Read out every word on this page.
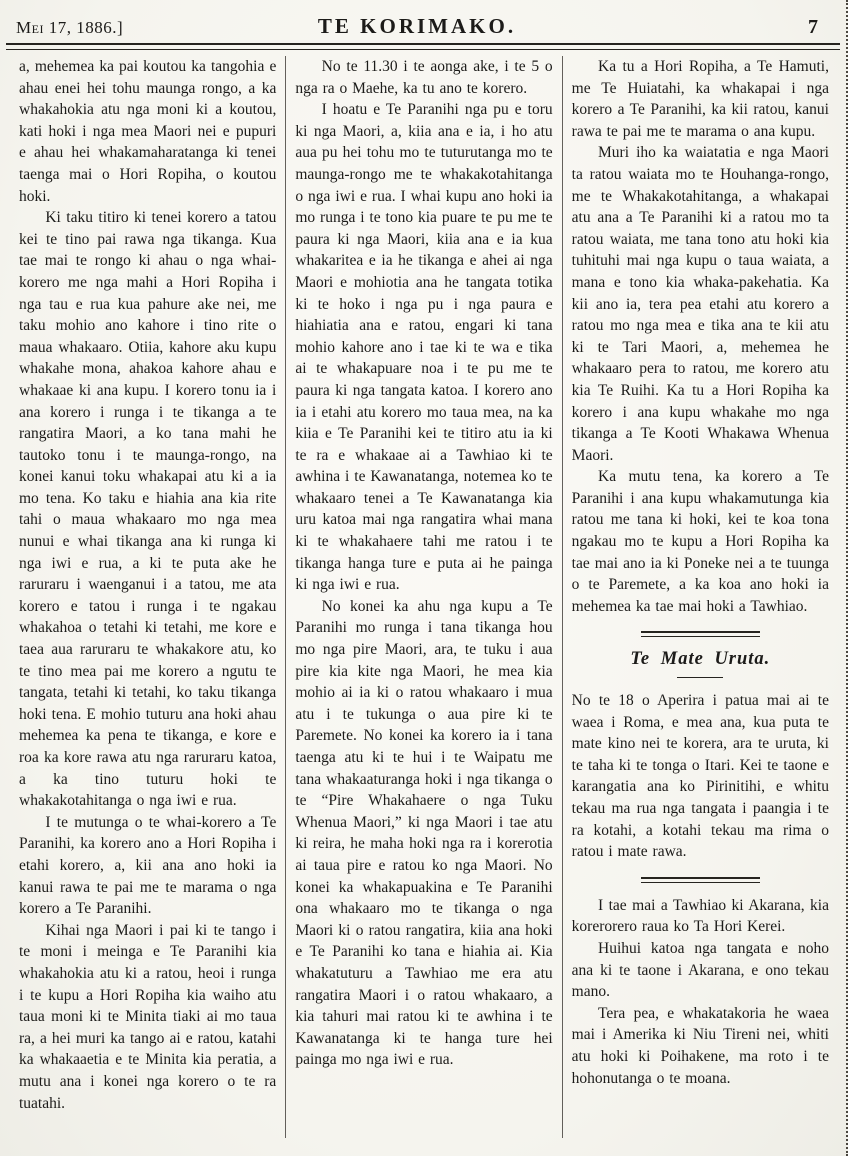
Mei 17, 1886.]	TE KORIMAKO.	7

a, mehemea ka pai koutou ka tangohia e ahau enei hei tohu maunga rongo, a ka whakahokia atu nga moni ki a koutou, kati hoki i nga mea Maori nei e pupuri e ahau hei whakamaharatanga ki tenei taenga mai o Hori Ropiha, o koutou hoki.

Ki taku titiro ki tenei korero a tatou kei te tino pai rawa nga tikanga. Kua tae mai te rongo ki ahau o nga whai-korero me nga mahi a Hori Ropiha i nga tau e rua kua pahure ake nei, me taku mohio ano kahore i tino rite o maua whakaaro. Otiia, kahore aku kupu whakahe mona, ahakoa kahore ahau e whakaae ki ana kupu. I korero tonu ia i ana korero i runga i te tikanga a te rangatira Maori, a ko tana mahi he tautoko tonu i te maunga-rongo, na konei kanui toku whakapai atu ki a ia mo tena. Ko taku e hiahia ana kia rite tahi o maua whakaaro mo nga mea nunui e whai tikanga ana ki runga ki nga iwi e rua, a ki te puta ake he raruraru i waenganui i a tatou, me ata korero e tatou i runga i te ngakau whakahoa o tetahi ki tetahi, me kore e taea aua raruraru te whakakore atu, ko te tino mea pai me korero a ngutu te tangata, tetahi ki tetahi, ko taku tikanga hoki tena. E mohio tuturu ana hoki ahau mehemea ka pena te tikanga, e kore e roa ka kore rawa atu nga raruraru katoa, a ka tino tuturu hoki te whakakotahitanga o nga iwi e rua.

I te mutunga o te whai-korero a Te Paranihi, ka korero ano a Hori Ropiha i etahi korero, a, kii ana ano hoki ia kanui rawa te pai me te marama o nga korero a Te Paranihi.

Kihai nga Maori i pai ki te tango i te moni i meinga e Te Paranihi kia whakahokia atu ki a ratou, heoi i runga i te kupu a Hori Ropiha kia waiho atu taua moni ki te Minita tiaki ai mo taua ra, a hei muri ka tango ai e ratou, katahi ka whakaaetia e te Minita kia peratia, a mutu ana i konei nga korero o te ra tuatahi.

No te 11.30 i te aonga ake, i te 5 o nga ra o Maehe, ka tu ano te korero.

I hoatu e Te Paranihi nga pu e toru ki nga Maori, a, kiia ana e ia, i ho atu aua pu hei tohu mo te tuturutanga mo te maunga-rongo me te whakakotahitanga o nga iwi e rua. I whai kupu ano hoki ia mo runga i te tono kia puare te pu me te paura ki nga Maori, kiia ana e ia kua whakaritea e ia he tikanga e ahei ai nga Maori e mohiotia ana he tangata totika ki te hoko i nga pu i nga paura e hiahiatia ana e ratou, engari ki tana mohio kahore ano i tae ki te wa e tika ai te whakapuare noa i te pu me te paura ki nga tangata katoa. I korero ano ia i etahi atu korero mo taua mea, na ka kiia e Te Paranihi kei te titiro atu ia ki te ra e whakaae ai a Tawhiao ki te awhina i te Kawanatanga, notemea ko te whakaaro tenei a Te Kawanatanga kia uru katoa mai nga rangatira whai mana ki te whakahaere tahi me ratou i te tikanga hanga ture e puta ai he painga ki nga iwi e rua.

No konei ka ahu nga kupu a Te Paranihi mo runga i tana tikanga hou mo nga pire Maori, ara, te tuku i aua pire kia kite nga Maori, he mea kia mohio ai ia ki o ratou whakaaro i mua atu i te tukunga o aua pire ki te Paremete. No konei ka korero ia i tana taenga atu ki te hui i te Waipatu me tana whakaaturanga hoki i nga tikanga o te “Pire Whakahaere o nga Tuku Whenua Maori,” ki nga Maori i tae atu ki reira, he maha hoki nga ra i korerotia ai taua pire e ratou ko nga Maori. No konei ka whakapuakina e Te Paranihi ona whakaaro mo te tikanga o nga Maori ki o ratou rangatira, kiia ana hoki e Te Paranihi ko tana e hiahia ai. Kia whakatuturu a Tawhiao me era atu rangatira Maori i o ratou whakaaro, a kia tahuri mai ratou ki te awhina i te Kawanatanga ki te hanga ture hei painga mo nga iwi e rua.

Ka tu a Hori Ropiha, a Te Hamuti, me Te Huiatahi, ka whakapai i nga korero a Te Paranihi, ka kii ratou, kanui rawa te pai me te marama o ana kupu.

Muri iho ka waiatatia e nga Maori ta ratou waiata mo te Houhanga-rongo, me te Whakakotahitanga, a whakapai atu ana a Te Paranihi ki a ratou mo ta ratou waiata, me tana tono atu hoki kia tuhituhi mai nga kupu o taua waiata, a mana e tono kia whaka-pakehatia. Ka kii ano ia, tera pea etahi atu korero a ratou mo nga mea e tika ana te kii atu ki te Tari Maori, a, mehemea he whakaaro pera to ratou, me korero atu kia Te Ruihi. Ka tu a Hori Ropiha ka korero i ana kupu whakahe mo nga tikanga a Te Kooti Whakawa Whenua Maori.

Ka mutu tena, ka korero a Te Paranihi i ana kupu whakamutunga kia ratou me tana ki hoki, kei te koa tona ngakau mo te kupu a Hori Ropiha ka tae mai ano ia ki Poneke nei a te tuunga o te Paremete, a ka koa ano hoki ia mehemea ka tae mai hoki a Tawhiao.

Te Mate Uruta.

No te 18 o Aperira i patua mai ai te waea i Roma, e mea ana, kua puta te mate kino nei te korera, ara te uruta, ki te taha ki te tonga o Itari. Kei te taone e karangatia ana ko Pirinitihi, e whitu tekau ma rua nga tangata i paangia i te ra kotahi, a kotahi tekau ma rima o ratou i mate rawa.

I tae mai a Tawhiao ki Akarana, kia korerorero raua ko Ta Hori Kerei.

Huihui katoa nga tangata e noho ana ki te taone i Akarana, e ono tekau mano.

Tera pea, e whakatakoria he waea mai i Amerika ki Niu Tireni nei, whiti atu hoki ki Poihakene, ma roto i te hohonutanga o te moana.
